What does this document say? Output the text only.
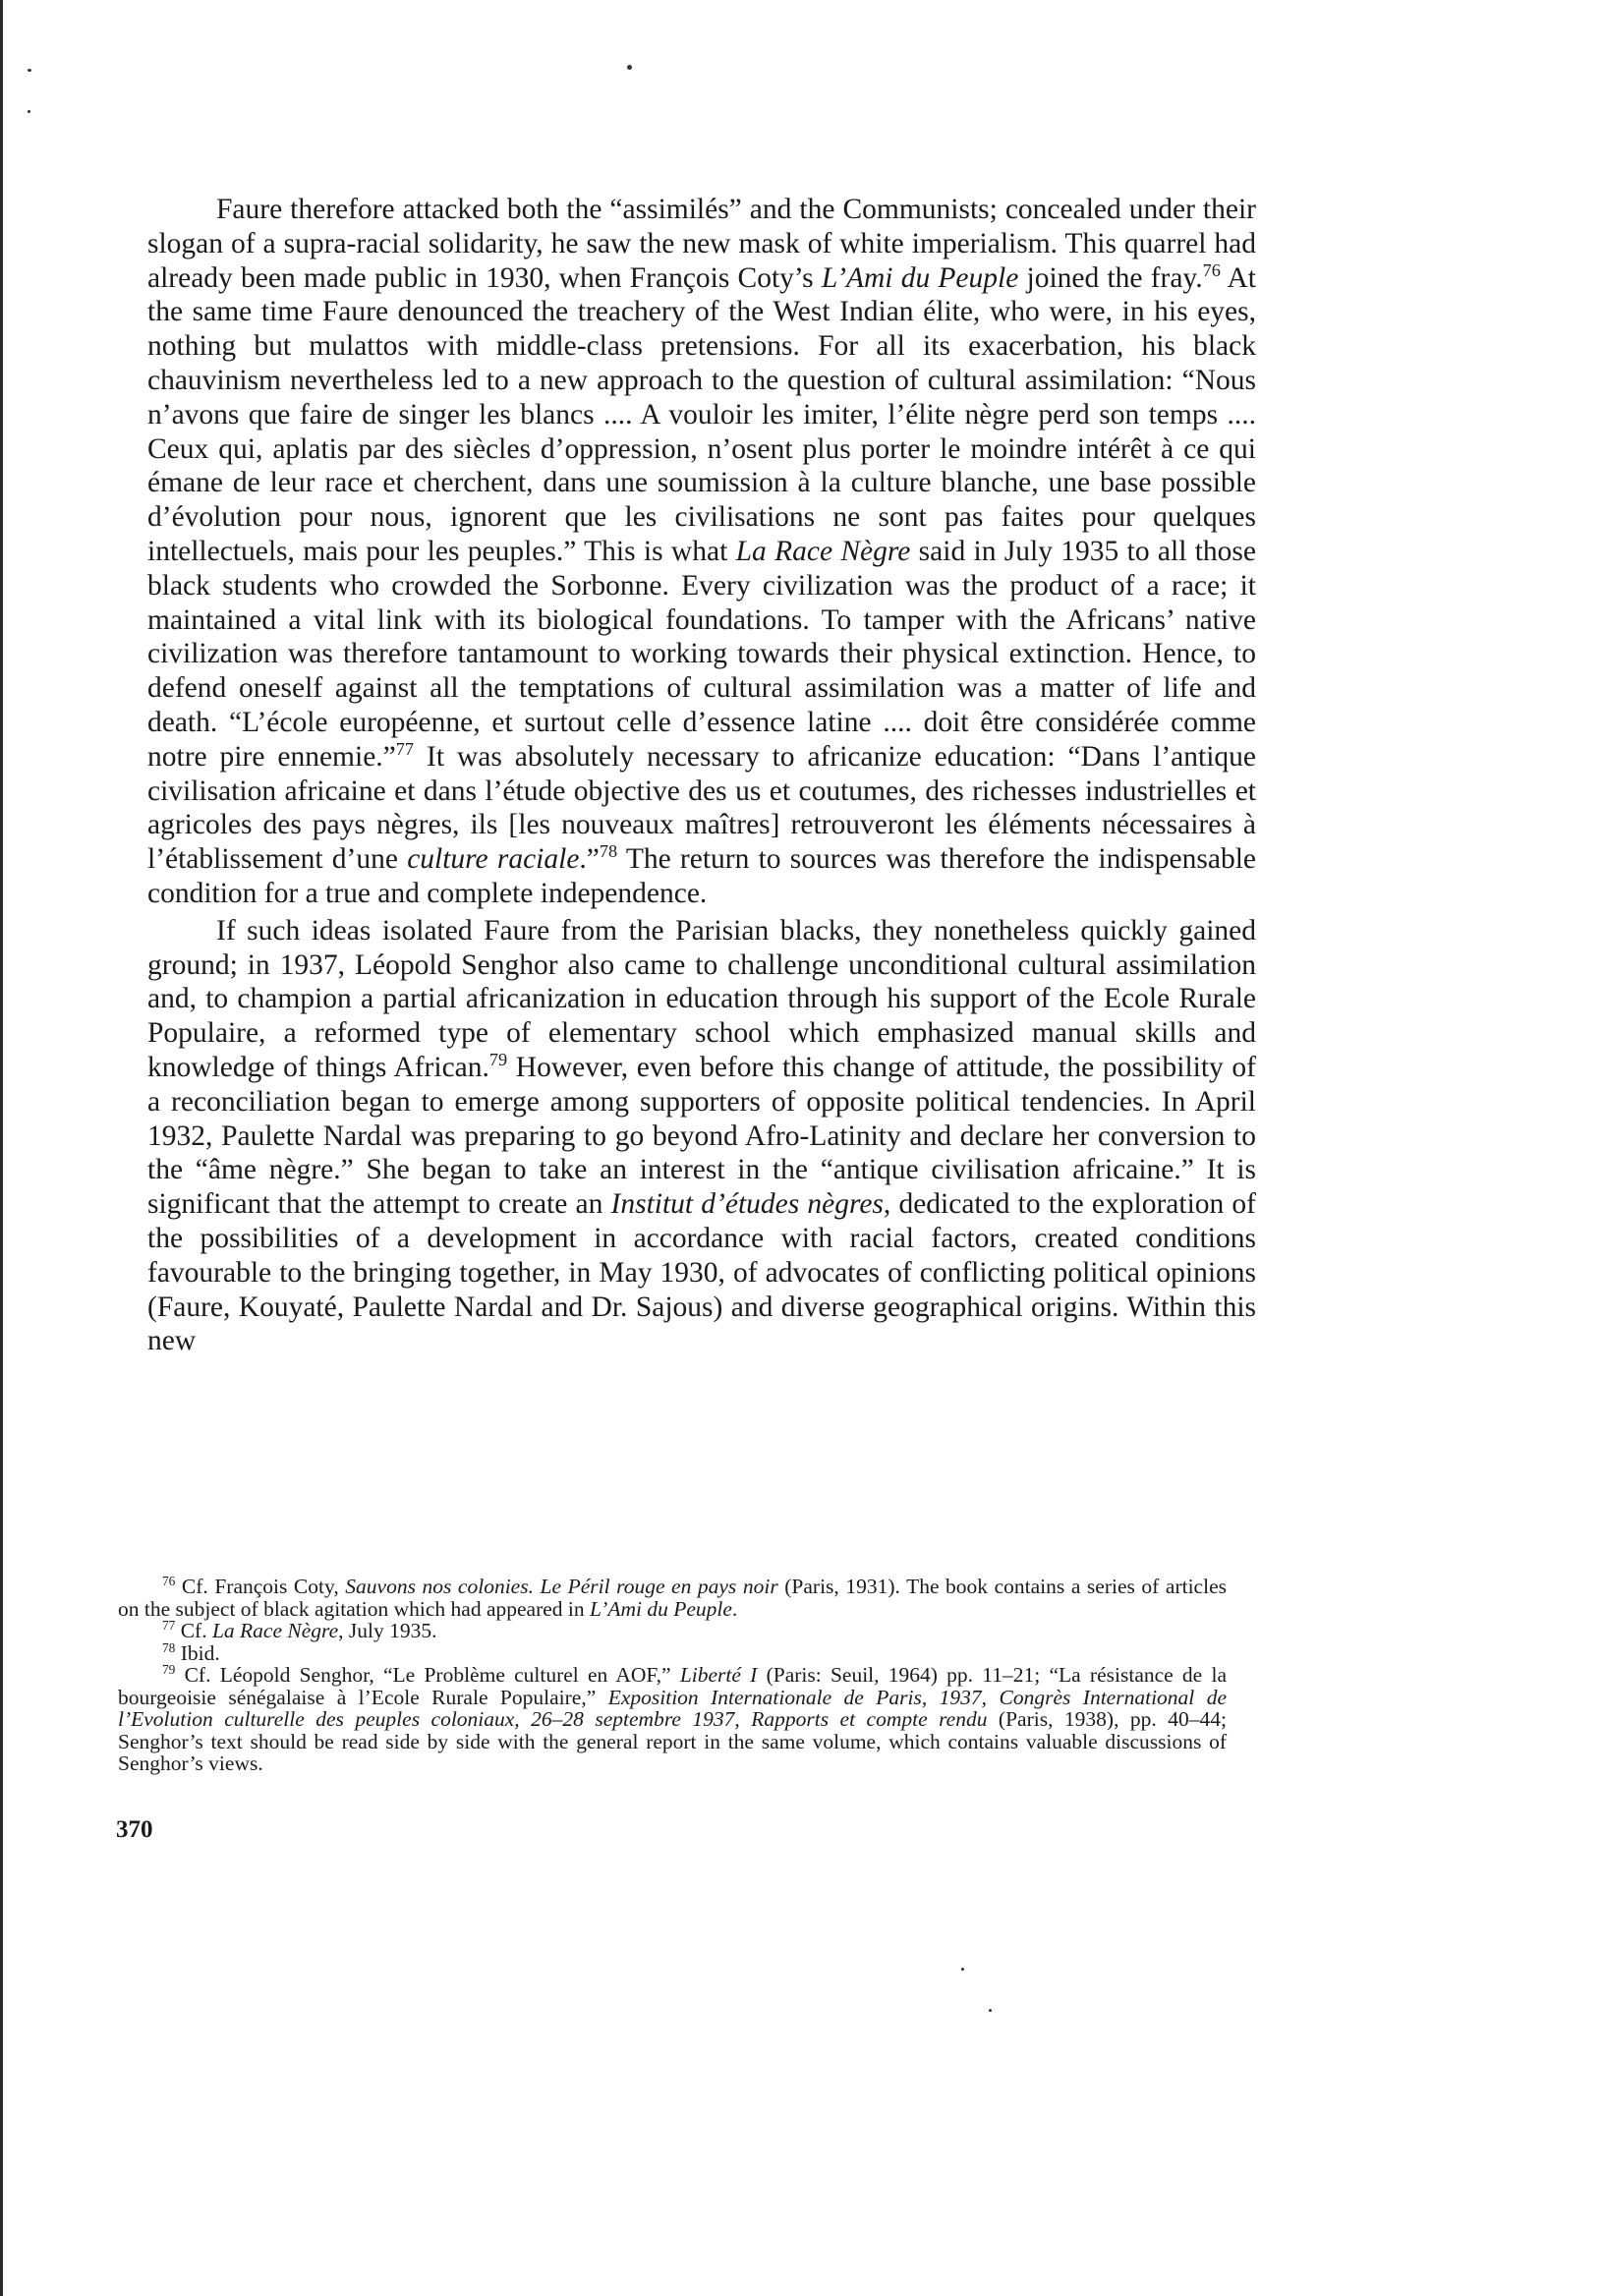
Faure therefore attacked both the “assimilés” and the Communists; concealed under their slogan of a supra-racial solidarity, he saw the new mask of white imperialism. This quarrel had already been made public in 1930, when François Coty’s L’Ami du Peuple joined the fray.$^{76}$ At the same time Faure denounced the treachery of the West Indian élite, who were, in his eyes, nothing but mulattos with middle-class pretensions. For all its exacerbation, his black chauvinism nevertheless led to a new approach to the question of cultural assimilation: “Nous n’avons que faire de singer les blancs .... A vouloir les imiter, l’élite nègre perd son temps .... Ceux qui, aplatis par des siècles d’oppression, n’osent plus porter le moindre intérêt à ce qui émane de leur race et cherchent, dans une soumission à la culture blanche, une base possible d’évolution pour nous, ignorent que les civilisations ne sont pas faites pour quelques intellectuels, mais pour les peuples.” This is what La Race Nègre said in July 1935 to all those black students who crowded the Sorbonne. Every civilization was the product of a race; it maintained a vital link with its biological foundations. To tamper with the Africans’ native civilization was therefore tantamount to working towards their physical extinction. Hence, to defend oneself against all the temptations of cultural assimilation was a matter of life and death. “L’école européenne, et surtout celle d’essence latine .... doit être considérée comme notre pire ennemie.”$^{77}$ It was absolutely necessary to africanize education: “Dans l’antique civilisation africaine et dans l’étude objective des us et coutumes, des richesses industrielles et agricoles des pays nègres, ils [les nouveaux maîtres] retrouveront les éléments nécessaires à l’établissement d’une culture raciale.”$^{78}$ The return to sources was therefore the indispensable condition for a true and complete independence.

If such ideas isolated Faure from the Parisian blacks, they nonetheless quickly gained ground; in 1937, Léopold Senghor also came to challenge unconditional cultural assimilation and, to champion a partial africanization in education through his support of the Ecole Rurale Populaire, a reformed type of elementary school which emphasized manual skills and knowledge of things African.$^{79}$ However, even before this change of attitude, the possibility of a reconciliation began to emerge among supporters of opposite political tendencies. In April 1932, Paulette Nardal was preparing to go beyond Afro-Latinity and declare her conversion to the “âme nègre.” She began to take an interest in the “antique civilisation africaine.” It is significant that the attempt to create an Institut d’études nègres, dedicated to the exploration of the possibilities of a development in accordance with racial factors, created conditions favourable to the bringing together, in May 1930, of advocates of conflicting political opinions (Faure, Kouyaté, Paulette Nardal and Dr. Sajous) and diverse geographical origins. Within this new

$^{76}$ Cf. François Coty, Sauvons nos colonies. Le Péril rouge en pays noir (Paris, 1931). The book contains a series of articles on the subject of black agitation which had appeared in L’Ami du Peuple.

$^{77}$ Cf. La Race Nègre, July 1935.

$^{78}$ Ibid.

$^{79}$ Cf. Léopold Senghor, “Le Problème culturel en AOF,” Liberté I (Paris: Seuil, 1964) pp. 11–21; “La résistance de la bourgeoisie sénégalaise à l’Ecole Rurale Populaire,” Exposition Internationale de Paris, 1937, Congrès International de l’Evolution culturelle des peuples coloniaux, 26–28 septembre 1937, Rapports et compte rendu (Paris, 1938), pp. 40–44; Senghor’s text should be read side by side with the general report in the same volume, which contains valuable discussions of Senghor’s views.

370
